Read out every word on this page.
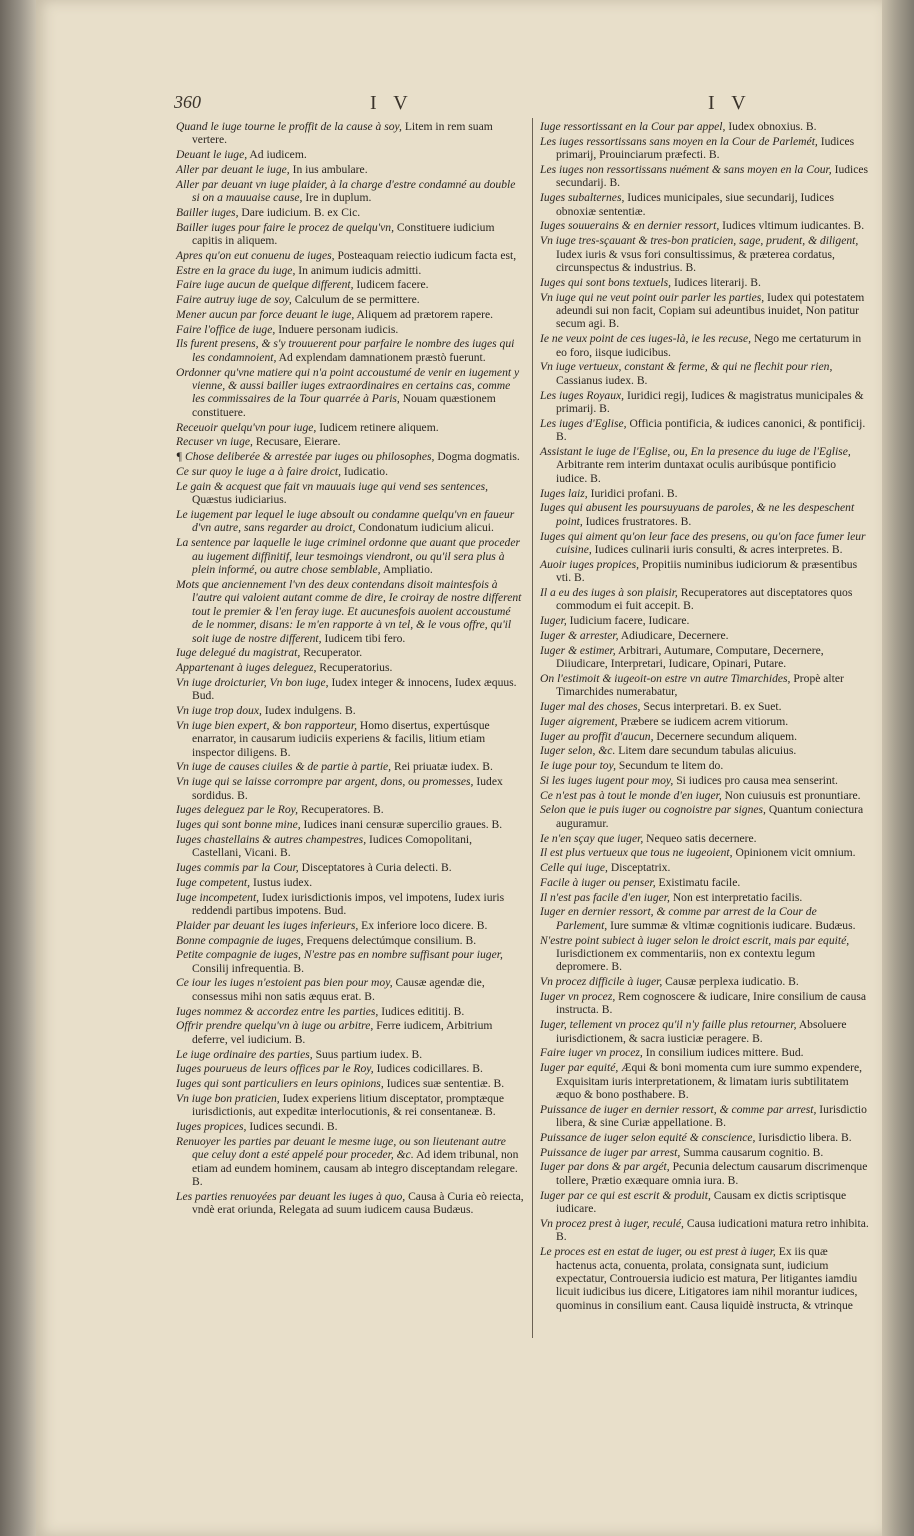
360	I V	I V

Quand le iuge tourne le proffit de la cause à soy, Litem in rem suam vertere.

Deuant le iuge, Ad iudicem.

Aller par deuant le iuge, In ius ambulare.

Aller par deuant vn iuge plaider, à la charge d'estre condamné au double si on a mauuaise cause, Ire in duplum.

Bailler iuges, Dare iudicium. B. ex Cic.

Bailler iuges pour faire le procez de quelqu'vn, Constituere iudicium capitis in aliquem.

Apres qu'on eut conuenu de iuges, Posteaquam reiectio iudicum facta est,

Estre en la grace du iuge, In animum iudicis admitti.

Faire iuge aucun de quelque different, Iudicem facere.

Faire autruy iuge de soy, Calculum de se permittere.

Mener aucun par force deuant le iuge, Aliquem ad prætorem rapere.

Faire l'office de iuge, Induere personam iudicis.

Ils furent presens, & s'y trouuerent pour parfaire le nombre des iuges qui les condamnoient, Ad explendam damnationem præstò fuerunt.

Ordonner qu'vne matiere qui n'a point accoustumé de venir en iugement y vienne, & aussi bailler iuges extraordinaires en certains cas, comme les commissaires de la Tour quarrée à Paris, Nouam quæstionem constituere.

Receuoir quelqu'vn pour iuge, Iudicem retinere aliquem.

Recuser vn iuge, Recusare, Eierare.

¶ Chose deliberée & arrestée par iuges ou philosophes, Dogma dogmatis.

Ce sur quoy le iuge a à faire droict, Iudicatio.

Le gain & acquest que fait vn mauuais iuge qui vend ses sentences, Quæstus iudiciarius.

Le iugement par lequel le iuge absoult ou condamne quelqu'vn en faueur d'vn autre, sans regarder au droict, Condonatum iudicium alicui.

La sentence par laquelle le iuge criminel ordonne que auant que proceder au iugement diffinitif, leur tesmoings viendront, ou qu'il sera plus à plein informé, ou autre chose semblable, Ampliatio.

Mots que anciennement l'vn des deux contendans disoit maintesfois à l'autre qui valoient autant comme de dire, Ie croiray de nostre different tout le premier & l'en feray iuge. Et aucunesfois auoient accoustumé de le nommer, disans: Ie m'en rapporte à vn tel, & le vous offre, qu'il soit iuge de nostre different, Iudicem tibi fero.

Iuge delegué du magistrat, Recuperator.

Appartenant à iuges deleguez, Recuperatorius.

Vn iuge droicturier, Vn bon iuge, Iudex integer & innocens, Iudex æquus. Bud.

Vn iuge trop doux, Iudex indulgens. B.

Vn iuge bien expert, & bon rapporteur, Homo disertus, expertúsque enarrator, in causarum iudiciis experiens & facilis, litium etiam inspector diligens. B.

Vn iuge de causes ciuiles & de partie à partie, Rei priuatæ iudex. B.

Vn iuge qui se laisse corrompre par argent, dons, ou promesses, Iudex sordidus. B.

Iuges deleguez par le Roy, Recuperatores. B.

Iuges qui sont bonne mine, Iudices inani censuræ supercilio graues. B.

Iuges chastellains & autres champestres, Iudices Comopolitani, Castellani, Vicani. B.

Iuges commis par la Cour, Disceptatores à Curia delecti. B.

Iuge competent, Iustus iudex.

Iuge incompetent, Iudex iurisdictionis impos, vel impotens, Iudex iuris reddendi partibus impotens. Bud.

Plaider par deuant les iuges inferieurs, Ex inferiore loco dicere. B.

Bonne compagnie de iuges, Frequens delectúmque consilium. B.

Petite compagnie de iuges, N'estre pas en nombre suffisant pour iuger, Consilij infrequentia. B.

Ce iour les iuges n'estoient pas bien pour moy, Causæ agendæ die, consessus mihi non satis æquus erat. B.

Iuges nommez & accordez entre les parties, Iudices edititij. B.

Offrir prendre quelqu'vn à iuge ou arbitre, Ferre iudicem, Arbitrium deferre, vel iudicium. B.

Le iuge ordinaire des parties, Suus partium iudex. B.

Iuges pourueus de leurs offices par le Roy, Iudices codicillares. B.

Iuges qui sont particuliers en leurs opinions, Iudices suæ sententiæ. B.

Vn iuge bon praticien, Iudex experiens litium disceptator, promptæque iurisdictionis, aut expeditæ interlocutionis, & rei consentaneæ. B.

Iuges propices, Iudices secundi. B.

Renuoyer les parties par deuant le mesme iuge, ou son lieutenant autre que celuy dont a esté appelé pour proceder, &c. Ad idem tribunal, non etiam ad eundem hominem, causam ab integro disceptandam relegare. B.

Les parties renuoyées par deuant les iuges à quo, Causa à Curia eò reiecta, vndè erat oriunda, Relegata ad suum iudicem causa Budæus.

Iuge ressortissant en la Cour par appel, Iudex obnoxius. B.

Les iuges ressortissans sans moyen en la Cour de Parlemét, Iudices primarij, Prouinciarum præfecti. B.

Les iuges non ressortissans nuément & sans moyen en la Cour, Iudices secundarij. B.

Iuges subalternes, Iudices municipales, siue secundarij, Iudices obnoxiæ sententiæ.

Iuges souuerains & en dernier ressort, Iudices vltimum iudicantes. B.

Vn iuge tres-sçauant & tres-bon praticien, sage, prudent, & diligent, Iudex iuris & vsus fori consultissimus, & præterea cordatus, circunspectus & industrius. B.

Iuges qui sont bons textuels, Iudices literarij. B.

Vn iuge qui ne veut point ouir parler les parties, Iudex qui potestatem adeundi sui non facit, Copiam sui adeuntibus inuidet, Non patitur secum agi. B.

Ie ne veux point de ces iuges-là, ie les recuse, Nego me certaturum in eo foro, iisque iudicibus.

Vn iuge vertueux, constant & ferme, & qui ne flechit pour rien, Cassianus iudex. B.

Les iuges Royaux, Iuridici regij, Iudices & magistratus municipales & primarij. B.

Les iuges d'Eglise, Officia pontificia, & iudices canonici, & pontificij. B.

Assistant le iuge de l'Eglise, ou, En la presence du iuge de l'Eglise, Arbitrante rem interim duntaxat oculis auribúsque pontificio iudice. B.

Iuges laiz, Iuridici profani. B.

Iuges qui abusent les poursuyuans de paroles, & ne les despeschent point, Iudices frustratores. B.

Iuges qui aiment qu'on leur face des presens, ou qu'on face fumer leur cuisine, Iudices culinarii iuris consulti, & acres interpretes. B.

Auoir iuges propices, Propitiis numinibus iudiciorum & præsentibus vti. B.

Il a eu des iuges à son plaisir, Recuperatores aut disceptatores quos commodum ei fuit accepit. B.

Iuger, Iudicium facere, Iudicare.

Iuger & arrester, Adiudicare, Decernere.

Iuger & estimer, Arbitrari, Autumare, Computare, Decernere, Diiudicare, Interpretari, Iudicare, Opinari, Putare.

On l'estimoit & iugeoit-on estre vn autre Timarchides, Propè alter Timarchides numerabatur,

Iuger mal des choses, Secus interpretari. B. ex Suet.

Iuger aigrement, Præbere se iudicem acrem vitiorum.

Iuger au proffit d'aucun, Decernere secundum aliquem.

Iuger selon, &c. Litem dare secundum tabulas alicuius.

Ie iuge pour toy, Secundum te litem do.

Si les iuges iugent pour moy, Si iudices pro causa mea senserint.

Ce n'est pas à tout le monde d'en iuger, Non cuiusuis est pronuntiare.

Selon que ie puis iuger ou cognoistre par signes, Quantum coniectura auguramur.

Ie n'en sçay que iuger, Nequeo satis decernere.

Il est plus vertueux que tous ne iugeoient, Opinionem vicit omnium.

Celle qui iuge, Disceptatrix.

Facile à iuger ou penser, Existimatu facile.

Il n'est pas facile d'en iuger, Non est interpretatio facilis.

Iuger en dernier ressort, & comme par arrest de la Cour de Parlement, Iure summæ & vltimæ cognitionis iudicare. Budæus.

N'estre point subiect à iuger selon le droict escrit, mais par equité, Iurisdictionem ex commentariis, non ex contextu legum depromere. B.

Vn procez difficile à iuger, Causæ perplexa iudicatio. B.

Iuger vn procez, Rem cognoscere & iudicare, Inire consilium de causa instructa. B.

Iuger, tellement vn procez qu'il n'y faille plus retourner, Absoluere iurisdictionem, & sacra iusticiæ peragere. B.

Faire iuger vn procez, In consilium iudices mittere. Bud.

Iuger par equité, Æqui & boni momenta cum iure summo expendere, Exquisitam iuris interpretationem, & limatam iuris subtilitatem æquo & bono posthabere. B.

Puissance de iuger en dernier ressort, & comme par arrest, Iurisdictio libera, & sine Curiæ appellatione. B.

Puissance de iuger selon equité & conscience, Iurisdictio libera. B.

Puissance de iuger par arrest, Summa causarum cognitio. B.

Iuger par dons & par argét, Pecunia delectum causarum discrimenque tollere, Prætio exæquare omnia iura. B.

Iuger par ce qui est escrit & produit, Causam ex dictis scriptisque iudicare.

Vn procez prest à iuger, reculé, Causa iudicationi matura retro inhibita. B.

Le proces est en estat de iuger, ou est prest à iuger, Ex iis quæ hactenus acta, conuenta, prolata, consignata sunt, iudicium expectatur, Controuersia iudicio est matura, Per litigantes iamdiu licuit iudicibus ius dicere, Litigatores iam nihil morantur iudices, quominus in consilium eant. Causa liquidè instructa, & vtrinque
